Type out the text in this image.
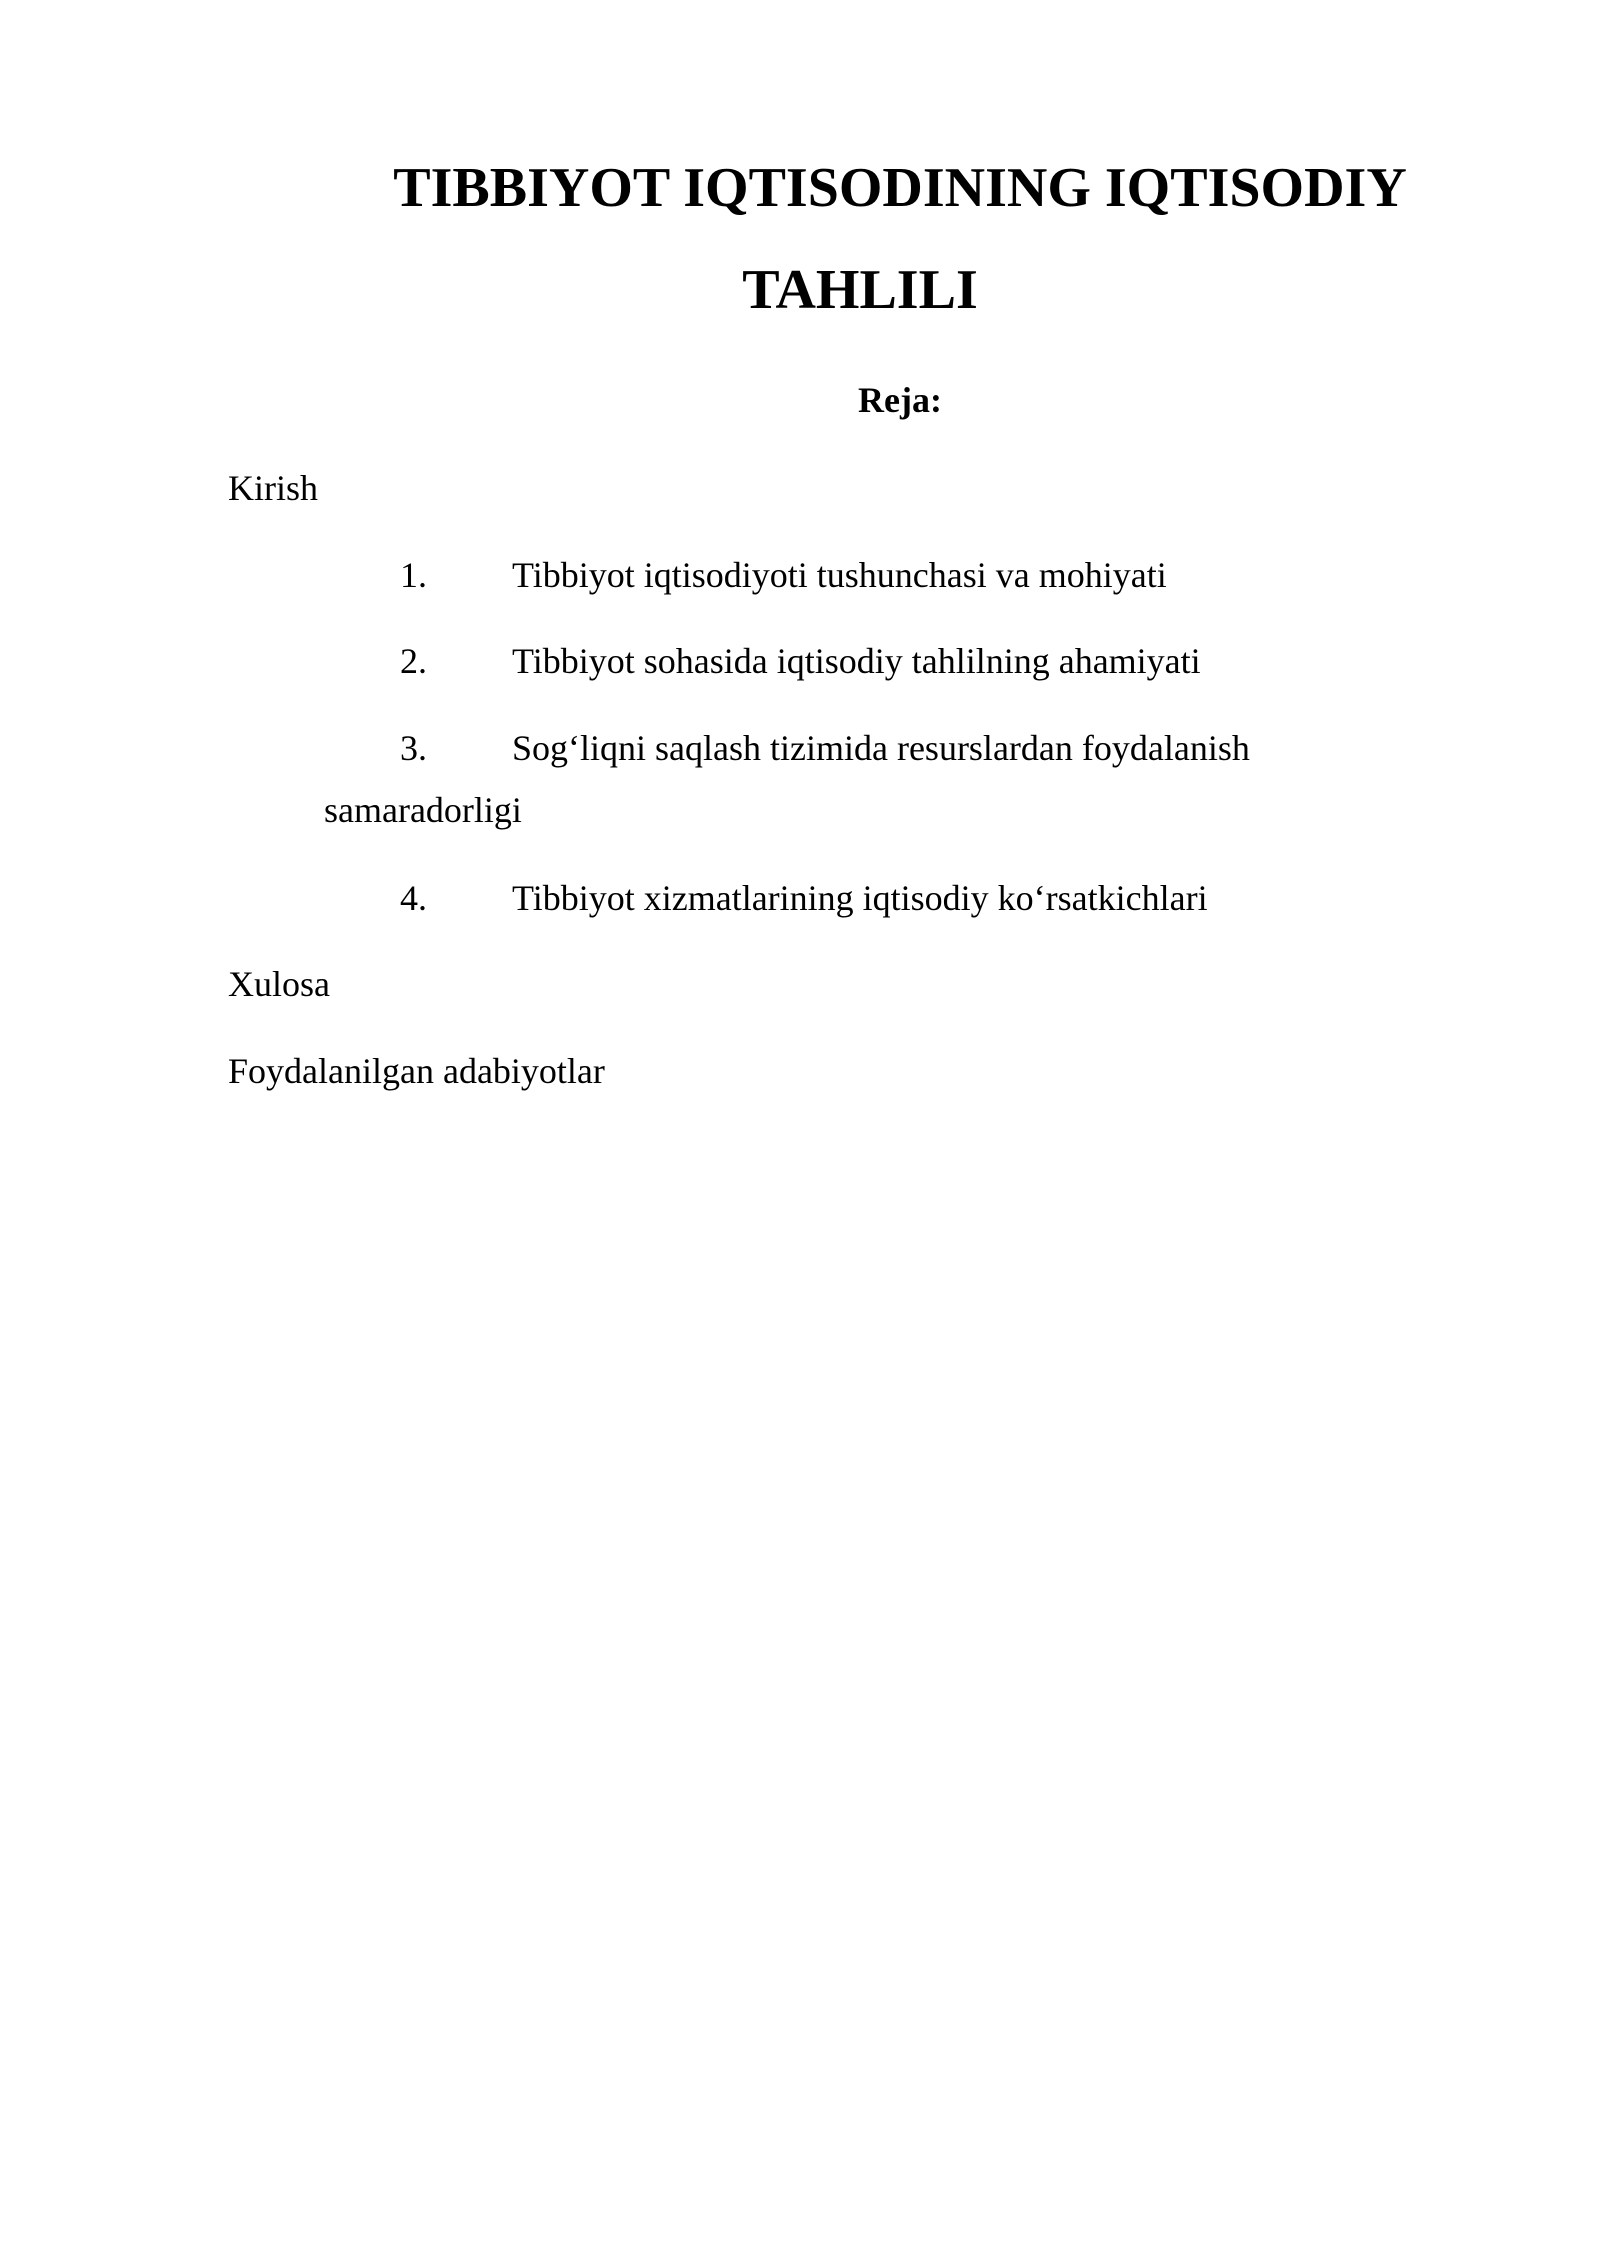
TIBBIYOT IQTISODINING IQTISODIY
TAHLILI
Reja:
Kirish
1. Tibbiyot iqtisodiyoti tushunchasi va mohiyati
2. Tibbiyot sohasida iqtisodiy tahlilning ahamiyati
3. Sog‘liqni saqlash tizimida resurslardan foydalanish
samaradorligi
4. Tibbiyot xizmatlarining iqtisodiy ko‘rsatkichlari
Xulosa
Foydalanilgan adabiyotlar
